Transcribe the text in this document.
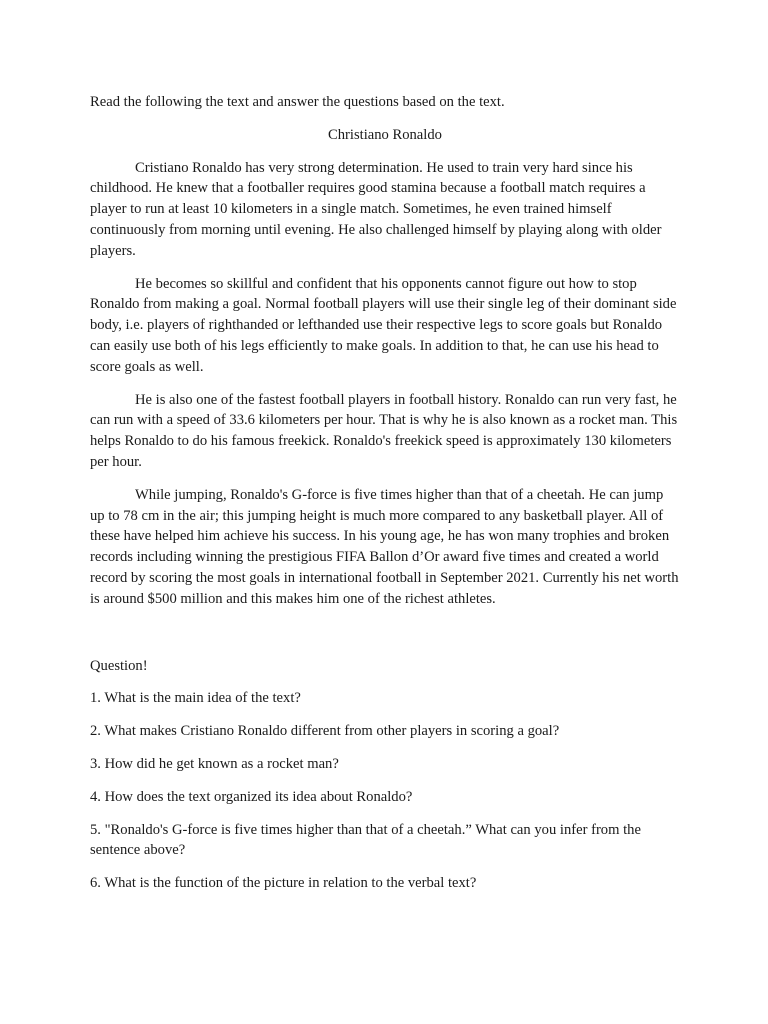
Read the following the text and answer the questions based on the text.

Christiano Ronaldo

Cristiano Ronaldo has very strong determination. He used to train very hard since his childhood. He knew that a footballer requires good stamina because a football match requires a player to run at least 10 kilometers in a single match. Sometimes, he even trained himself continuously from morning until evening. He also challenged himself by playing along with older players.

He becomes so skillful and confident that his opponents cannot figure out how to stop Ronaldo from making a goal. Normal football players will use their single leg of their dominant side body, i.e. players of righthanded or lefthanded use their respective legs to score goals but Ronaldo can easily use both of his legs efficiently to make goals. In addition to that, he can use his head to score goals as well.

He is also one of the fastest football players in football history. Ronaldo can run very fast, he can run with a speed of 33.6 kilometers per hour. That is why he is also known as a rocket man. This helps Ronaldo to do his famous freekick. Ronaldo's freekick speed is approximately 130 kilometers per hour.

While jumping, Ronaldo's G-force is five times higher than that of a cheetah. He can jump up to 78 cm in the air; this jumping height is much more compared to any basketball player. All of these have helped him achieve his success. In his young age, he has won many trophies and broken records including winning the prestigious FIFA Ballon d’Or award five times and created a world record by scoring the most goals in international football in September 2021. Currently his net worth is around $500 million and this makes him one of the richest athletes.

Question!

1. What is the main idea of the text?

2. What makes Cristiano Ronaldo different from other players in scoring a goal?

3. How did he get known as a rocket man?

4. How does the text organized its idea about Ronaldo?

5. "Ronaldo's G-force is five times higher than that of a cheetah.” What can you infer from the sentence above?

6. What is the function of the picture in relation to the verbal text?
